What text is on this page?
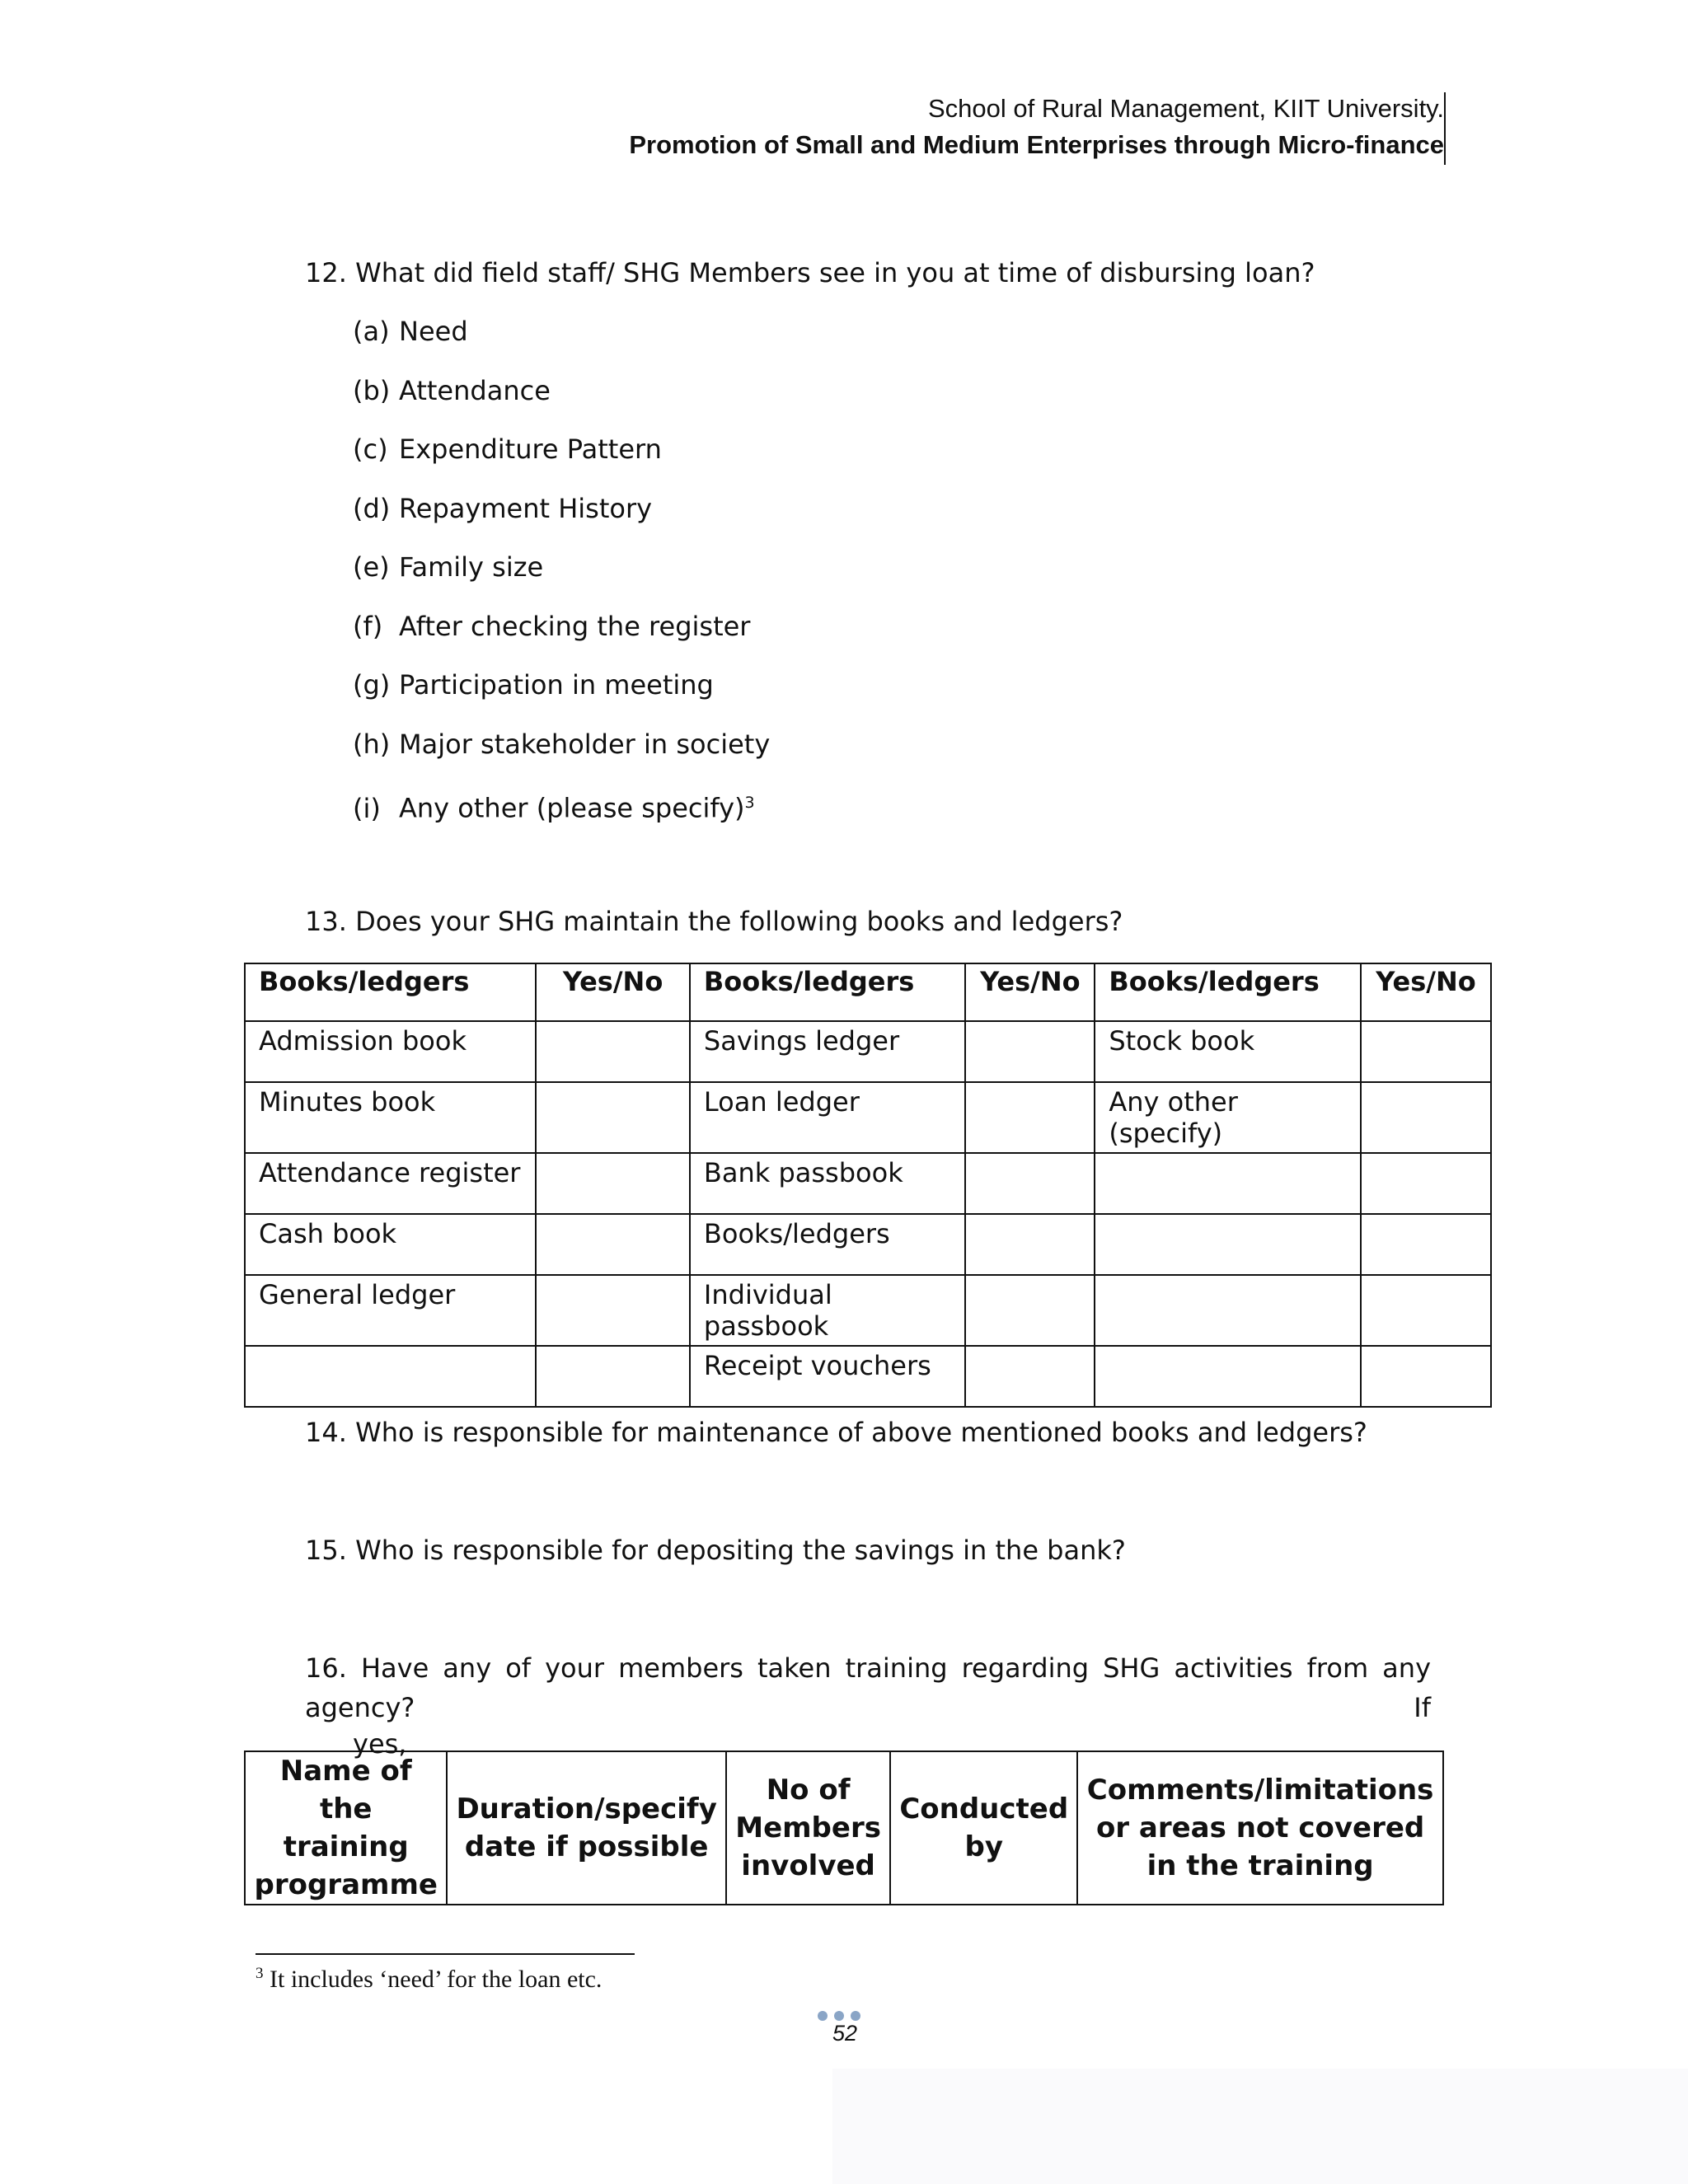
School of Rural Management, KIIT University.
Promotion of Small and Medium Enterprises through Micro-finance
12. What did field staff/ SHG Members see in you at time of disbursing loan?
(a) Need
(b) Attendance
(c) Expenditure Pattern
(d) Repayment History
(e) Family size
(f) After checking the register
(g) Participation in meeting
(h) Major stakeholder in society
(i) Any other (please specify)$^3$
13. Does your SHG maintain the following books and ledgers?
Books/ledgers	Yes/No	Books/ledgers	Yes/No	Books/ledgers	Yes/No
Admission book		Savings ledger		Stock book	
Minutes book		Loan ledger		Any other (specify)	
Attendance register		Bank passbook			
Cash book		Books/ledgers			
General ledger		Individual passbook			
		Receipt vouchers			
14. Who is responsible for maintenance of above mentioned books and ledgers?
15. Who is responsible for depositing the savings in the bank?
16. Have any of your members taken training regarding SHG activities from any agency? If
yes,
Name of the training programme	Duration/specify date if possible	No of Members involved	Conducted by	Comments/limitations or areas not covered in the training
$^3$ It includes ‘need’ for the loan etc.
52
